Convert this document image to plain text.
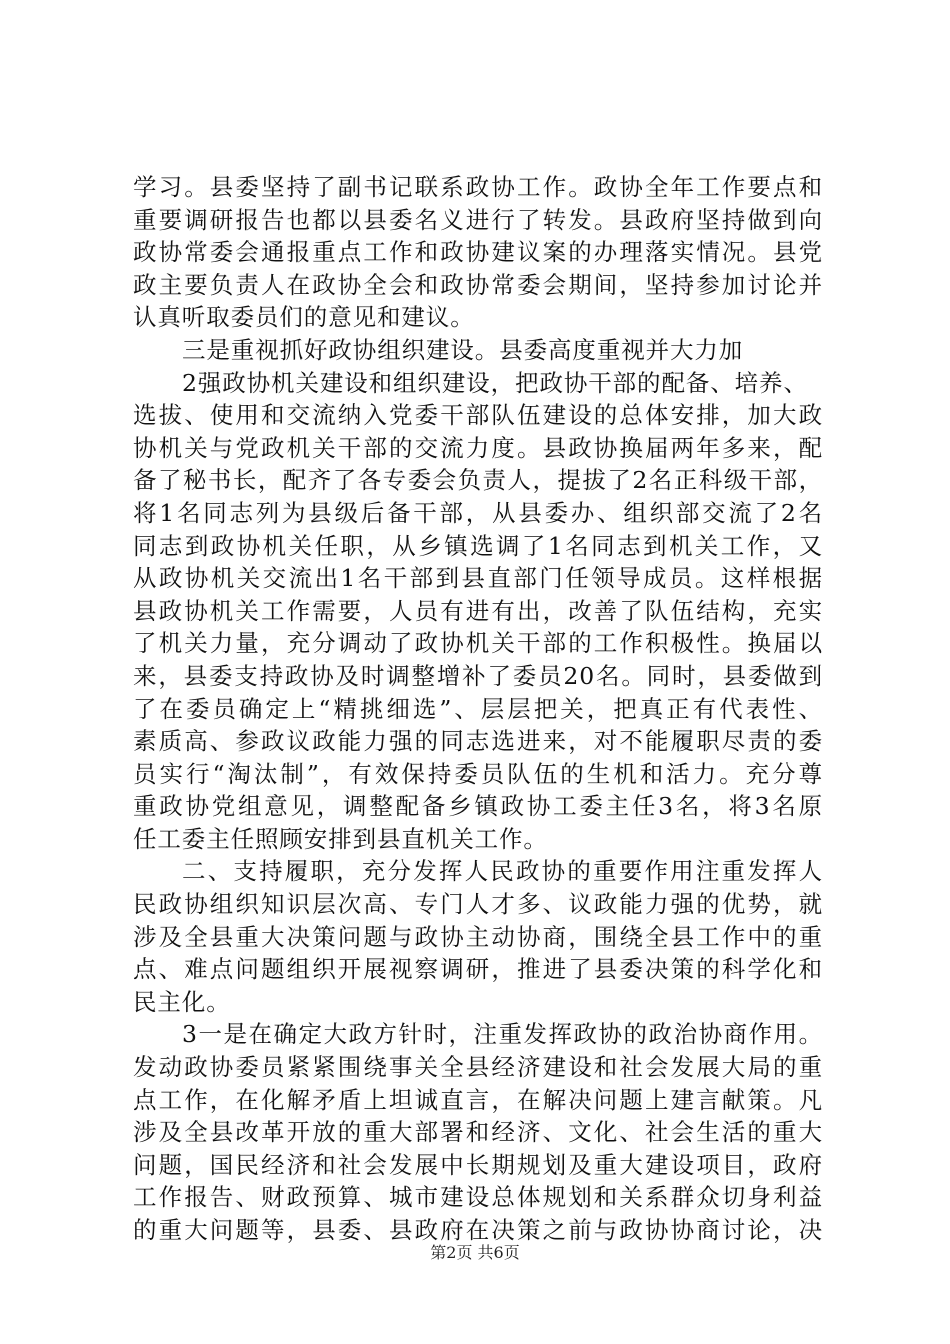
学习。县委坚持了副书记联系政协工作。政协全年工作要点和
重要调研报告也都以县委名义进行了转发。县政府坚持做到向
政协常委会通报重点工作和政协建议案的办理落实情况。县党
政主要负责人在政协全会和政协常委会期间，坚持参加讨论并
认真听取委员们的意见和建议。
三是重视抓好政协组织建设。县委高度重视并大力加
2强政协机关建设和组织建设，把政协干部的配备、培养、
选拔、使用和交流纳入党委干部队伍建设的总体安排，加大政
协机关与党政机关干部的交流力度。县政协换届两年多来，配
备了秘书长，配齐了各专委会负责人，提拔了2名正科级干部，
将1名同志列为县级后备干部，从县委办、组织部交流了2名
同志到政协机关任职，从乡镇选调了1名同志到机关工作，又
从政协机关交流出1名干部到县直部门任领导成员。这样根据
县政协机关工作需要，人员有进有出，改善了队伍结构，充实
了机关力量，充分调动了政协机关干部的工作积极性。换届以
来，县委支持政协及时调整增补了委员20名。同时，县委做到
了在委员确定上“精挑细选”、层层把关，把真正有代表性、
素质高、参政议政能力强的同志选进来，对不能履职尽责的委
员实行“淘汰制”，有效保持委员队伍的生机和活力。充分尊
重政协党组意见，调整配备乡镇政协工委主任3名，将3名原
任工委主任照顾安排到县直机关工作。
二、支持履职，充分发挥人民政协的重要作用注重发挥人
民政协组织知识层次高、专门人才多、议政能力强的优势，就
涉及全县重大决策问题与政协主动协商，围绕全县工作中的重
点、难点问题组织开展视察调研，推进了县委决策的科学化和
民主化。
3一是在确定大政方针时，注重发挥政协的政治协商作用。
发动政协委员紧紧围绕事关全县经济建设和社会发展大局的重
点工作，在化解矛盾上坦诚直言，在解决问题上建言献策。凡
涉及全县改革开放的重大部署和经济、文化、社会生活的重大
问题，国民经济和社会发展中长期规划及重大建设项目，政府
工作报告、财政预算、城市建设总体规划和关系群众切身利益
的重大问题等，县委、县政府在决策之前与政协协商讨论，决
第2页 共6页
